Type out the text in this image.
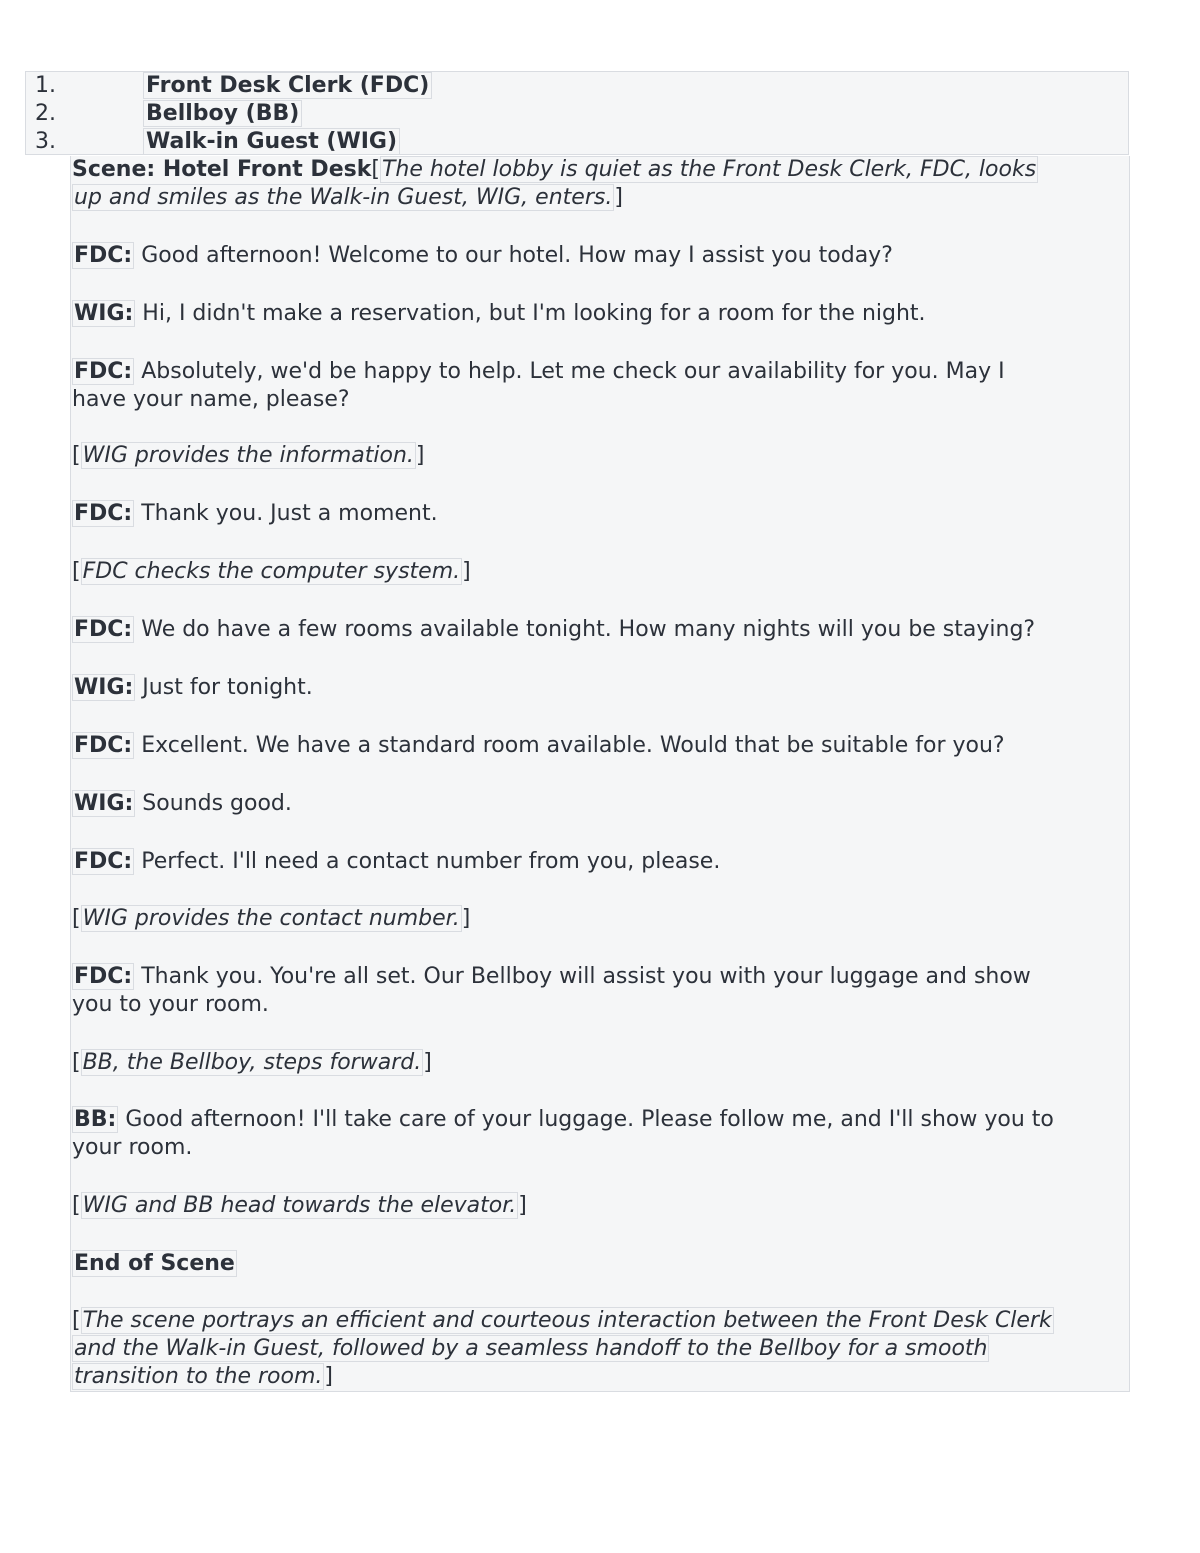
1.	Front Desk Clerk (FDC)
2.	Bellboy (BB)
3.	Walk-in Guest (WIG)
Scene: Hotel Front Desk[The hotel lobby is quiet as the Front Desk Clerk, FDC, looks
up and smiles as the Walk-in Guest, WIG, enters.]
FDC: Good afternoon! Welcome to our hotel. How may I assist you today?
WIG: Hi, I didn't make a reservation, but I'm looking for a room for the night.
FDC: Absolutely, we'd be happy to help. Let me check our availability for you. May I
have your name, please?
[WIG provides the information.]
FDC: Thank you. Just a moment.
[FDC checks the computer system.]
FDC: We do have a few rooms available tonight. How many nights will you be staying?
WIG: Just for tonight.
FDC: Excellent. We have a standard room available. Would that be suitable for you?
WIG: Sounds good.
FDC: Perfect. I'll need a contact number from you, please.
[WIG provides the contact number.]
FDC: Thank you. You're all set. Our Bellboy will assist you with your luggage and show
you to your room.
[BB, the Bellboy, steps forward.]
BB: Good afternoon! I'll take care of your luggage. Please follow me, and I'll show you to
your room.
[WIG and BB head towards the elevator.]
End of Scene
[The scene portrays an efficient and courteous interaction between the Front Desk Clerk
and the Walk-in Guest, followed by a seamless handoff to the Bellboy for a smooth
transition to the room.]
